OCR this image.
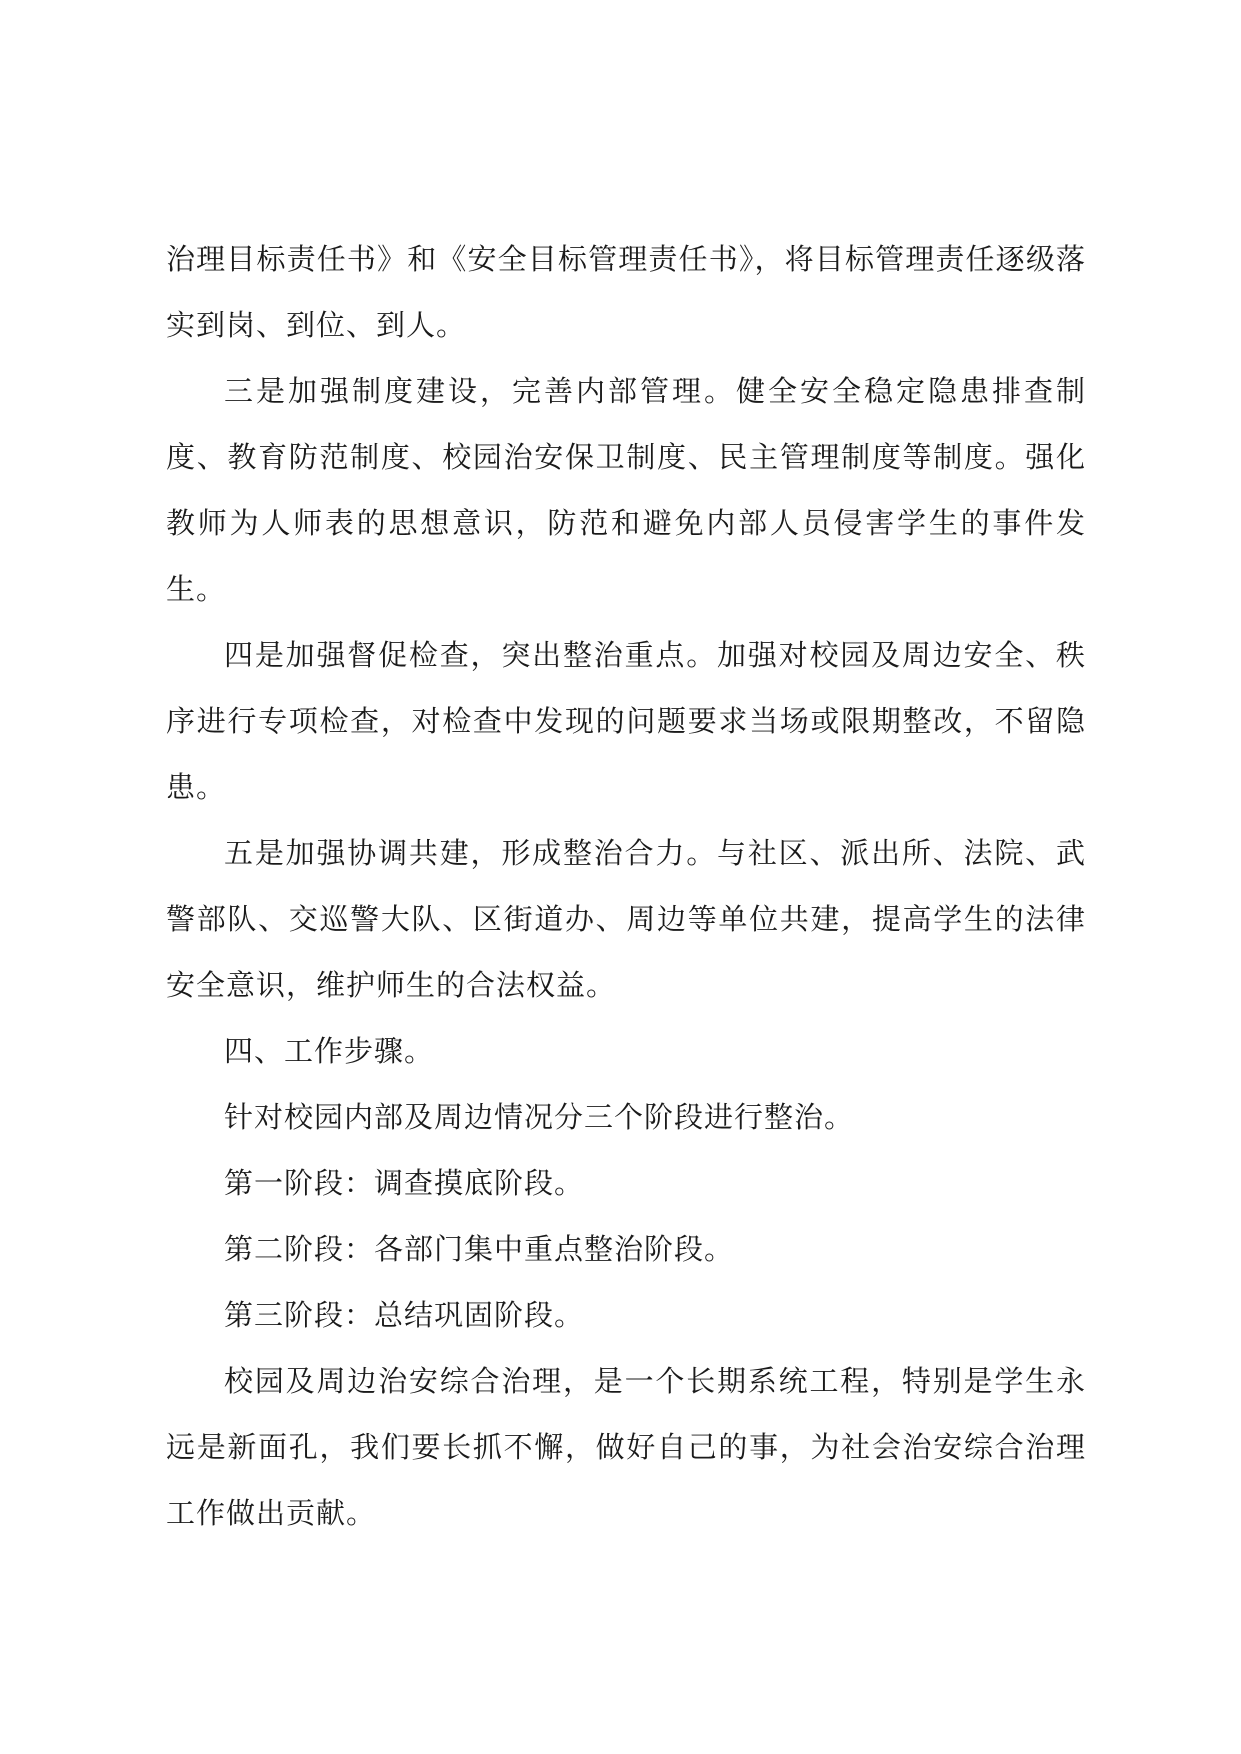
治理目标责任书》和《安全目标管理责任书》，将目标管理责任逐级落实到岗、到位、到人。

三是加强制度建设，完善内部管理。健全安全稳定隐患排查制度、教育防范制度、校园治安保卫制度、民主管理制度等制度。强化教师为人师表的思想意识，防范和避免内部人员侵害学生的事件发生。

四是加强督促检查，突出整治重点。加强对校园及周边安全、秩序进行专项检查，对检查中发现的问题要求当场或限期整改，不留隐患。

五是加强协调共建，形成整治合力。与社区、派出所、法院、武警部队、交巡警大队、区街道办、周边等单位共建，提高学生的法律安全意识，维护师生的合法权益。

四、工作步骤。

针对校园内部及周边情况分三个阶段进行整治。

第一阶段：调查摸底阶段。

第二阶段：各部门集中重点整治阶段。

第三阶段：总结巩固阶段。

校园及周边治安综合治理，是一个长期系统工程，特别是学生永远是新面孔，我们要长抓不懈，做好自己的事，为社会治安综合治理工作做出贡献。
